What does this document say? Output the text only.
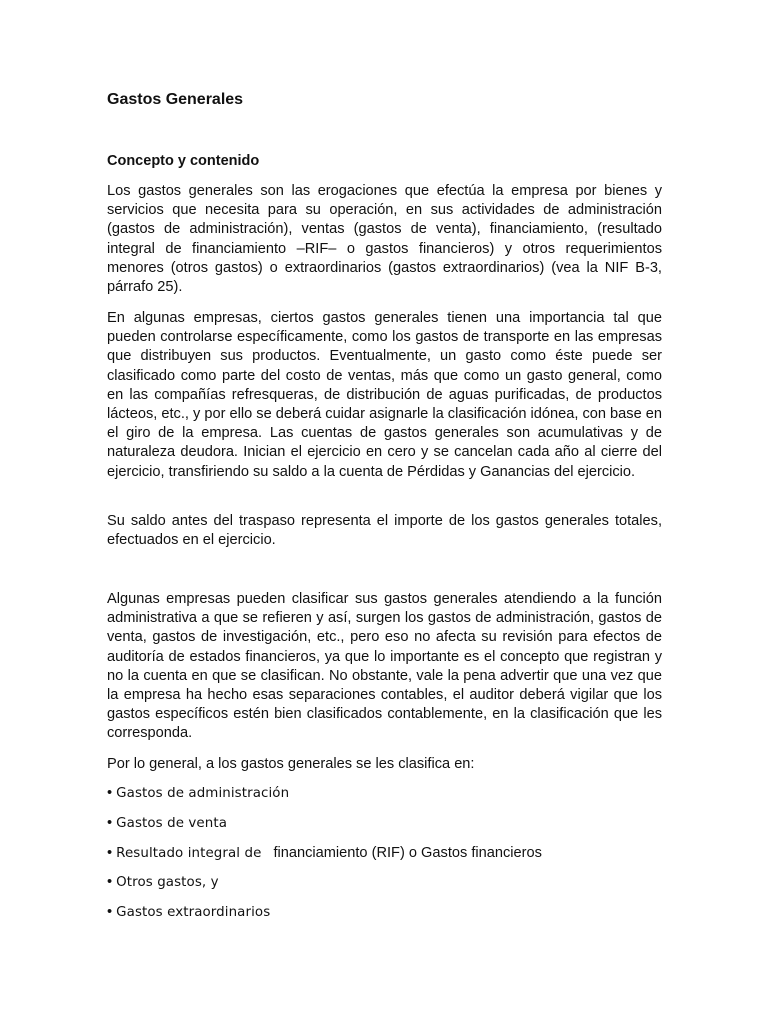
Gastos Generales
Concepto y contenido

Los gastos generales son las erogaciones que efectúa la empresa por bienes y servicios que necesita para su operación, en sus actividades de administración (gastos de administración), ventas (gastos de venta), financiamiento, (resultado integral de financiamiento –RIF– o gastos financieros) y otros requerimientos menores (otros gastos) o extraordinarios (gastos extraordinarios) (vea la NIF B-3, párrafo 25).

En algunas empresas, ciertos gastos generales tienen una importancia tal que pueden controlarse específicamente, como los gastos de transporte en las empresas que distribuyen sus productos. Eventualmente, un gasto como éste puede ser clasificado como parte del costo de ventas, más que como un gasto general, como en las compañías refresqueras, de distribución de aguas purificadas, de productos lácteos, etc., y por ello se deberá cuidar asignarle la clasificación idónea, con base en el giro de la empresa. Las cuentas de gastos generales son acumulativas y de naturaleza deudora. Inician el ejercicio en cero y se cancelan cada año al cierre del ejercicio, transfiriendo su saldo a la cuenta de Pérdidas y Ganancias del ejercicio.

Su saldo antes del traspaso representa el importe de los gastos generales totales, efectuados en el ejercicio.

Algunas empresas pueden clasificar sus gastos generales atendiendo a la función administrativa a que se refieren y así, surgen los gastos de administración, gastos de venta, gastos de investigación, etc., pero eso no afecta su revisión para efectos de auditoría de estados financieros, ya que lo importante es el concepto que registran y no la cuenta en que se clasifican. No obstante, vale la pena advertir que una vez que la empresa ha hecho esas separaciones contables, el auditor deberá vigilar que los gastos específicos estén bien clasificados contablemente, en la clasificación que les corresponda.

Por lo general, a los gastos generales se les clasifica en:

• Gastos de administración

• Gastos de venta

• Resultado integral de financiamiento (RIF) o Gastos financieros

• Otros gastos, y

• Gastos extraordinarios
